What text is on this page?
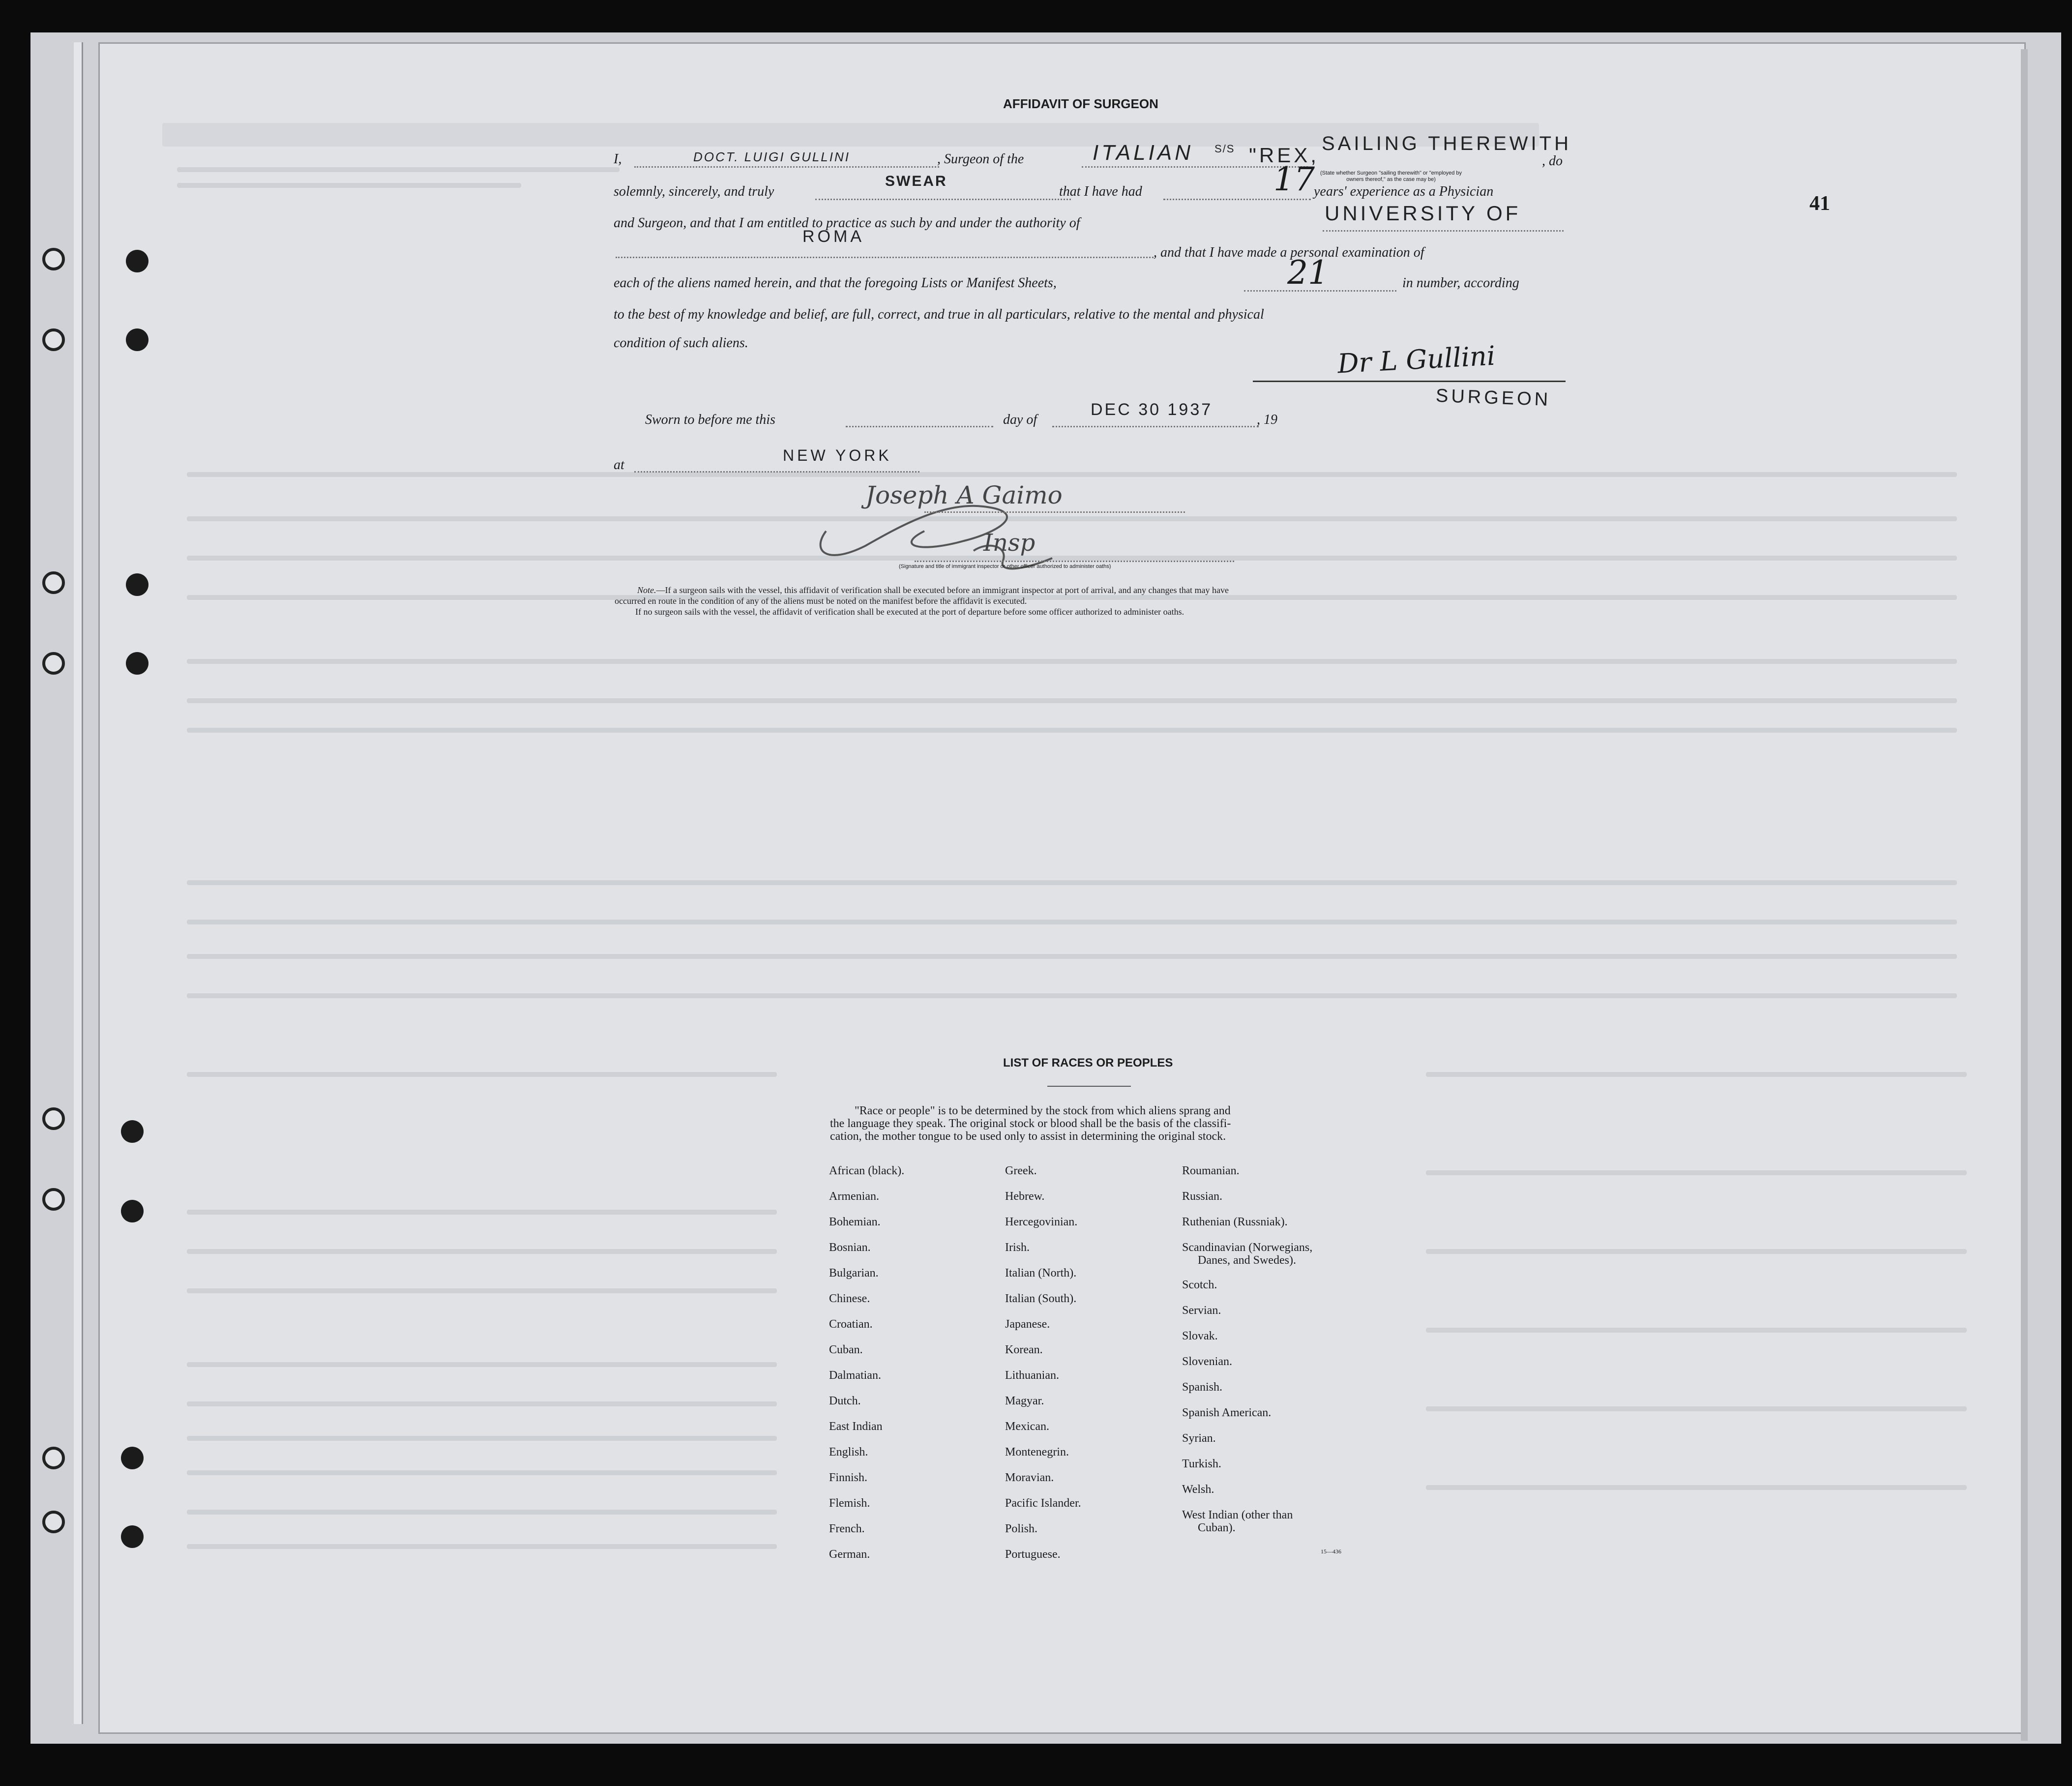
41
AFFIDAVIT OF SURGEON
I,	DOCT. LUIGI GULLINI	, Surgeon of the	ITALIAN S/S "REX, SAILING THEREWITH
(State whether Surgeon "sailing therewith" or "employed by owners thereof," as the case may be)
, do
solemnly, sincerely, and truly
SWEAR
that I have had	17
years' experience as a Physician
and Surgeon, and that I am entitled to practice as such by and under the authority of	UNIVERSITY OF
ROMA
, and that I have made a personal examination of
each of the aliens named herein, and that the foregoing Lists or Manifest Sheets,	21	in number, according
to the best of my knowledge and belief, are full, correct, and true in all particulars, relative to the mental and physical
condition of such aliens.	Dr L Gullini
SURGEON
Sworn to before me this	day of
DEC 30 1937
, 19
at
NEW YORK
Joseph A Gaimo
Insp
(Signature and title of immigrant inspector or other officer authorized to administer oaths)
Note.—If a surgeon sails with the vessel, this affidavit of verification shall be executed before an immigrant inspector at port of arrival, and any changes that may have
occurred en route in the condition of any of the aliens must be noted on the manifest before the affidavit is executed.
If no surgeon sails with the vessel, the affidavit of verification shall be executed at the port of departure before some officer authorized to administer oaths.
LIST OF RACES OR PEOPLES
"Race or people" is to be determined by the stock from which aliens sprang and
the language they speak. The original stock or blood shall be the basis of the classifi-
cation, the mother tongue to be used only to assist in determining the original stock.
African (black).
Armenian.
Bohemian.
Bosnian.
Bulgarian.
Chinese.
Croatian.
Cuban.
Dalmatian.
Dutch.
East Indian
English.
Finnish.
Flemish.
French.
German.
Greek.
Hebrew.
Hercegovinian.
Irish.
Italian (North).
Italian (South).
Japanese.
Korean.
Lithuanian.
Magyar.
Mexican.
Montenegrin.
Moravian.
Pacific Islander.
Polish.
Portuguese.
Roumanian.
Russian.
Ruthenian (Russniak).
Scandinavian (Norwegians,
Danes, and Swedes).
Scotch.
Servian.
Slovak.
Slovenian.
Spanish.
Spanish American.
Syrian.
Turkish.
Welsh.
West Indian (other than
Cuban).
15—436
